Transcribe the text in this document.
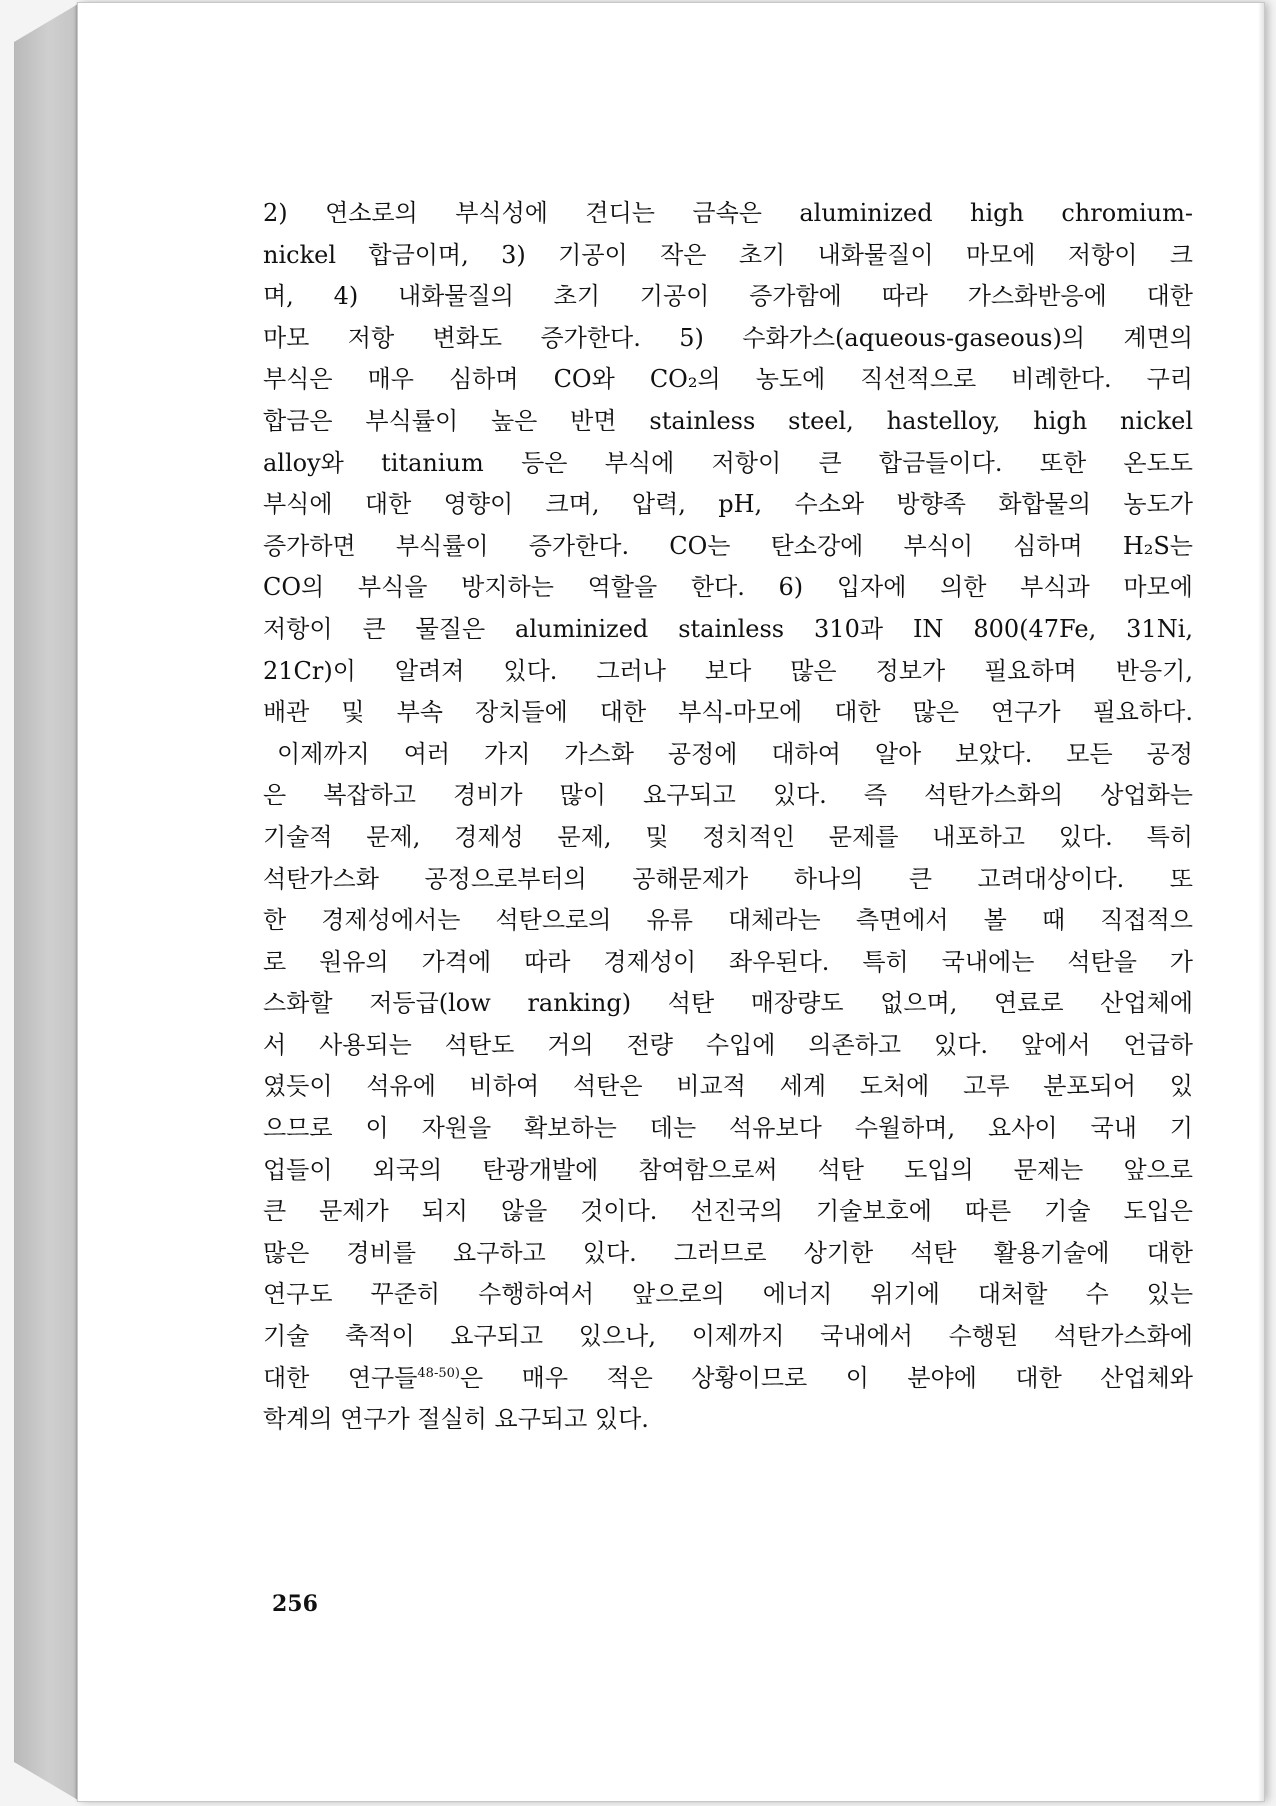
2) 연소로의 부식성에 견디는 금속은 aluminized high chromium-
nickel 합금이며, 3) 기공이 작은 초기 내화물질이 마모에 저항이 크
며, 4) 내화물질의 초기 기공이 증가함에 따라 가스화반응에 대한
마모 저항 변화도 증가한다. 5) 수화가스(aqueous-gaseous)의 계면의
부식은 매우 심하며 CO와 CO₂의 농도에 직선적으로 비례한다. 구리
합금은 부식률이 높은 반면 stainless steel, hastelloy, high nickel
alloy와 titanium 등은 부식에 저항이 큰 합금들이다. 또한 온도도
부식에 대한 영향이 크며, 압력, pH, 수소와 방향족 화합물의 농도가
증가하면 부식률이 증가한다. CO는 탄소강에 부식이 심하며 H₂S는
CO의 부식을 방지하는 역할을 한다. 6) 입자에 의한 부식과 마모에
저항이 큰 물질은 aluminized stainless 310과 IN 800(47Fe, 31Ni,
21Cr)이 알려져 있다. 그러나 보다 많은 정보가 필요하며 반응기,
배관 및 부속 장치들에 대한 부식-마모에 대한 많은 연구가 필요하다.
이제까지 여러 가지 가스화 공정에 대하여 알아 보았다. 모든 공정
은 복잡하고 경비가 많이 요구되고 있다. 즉 석탄가스화의 상업화는
기술적 문제, 경제성 문제, 및 정치적인 문제를 내포하고 있다. 특히
석탄가스화 공정으로부터의 공해문제가 하나의 큰 고려대상이다. 또
한 경제성에서는 석탄으로의 유류 대체라는 측면에서 볼 때 직접적으
로 원유의 가격에 따라 경제성이 좌우된다. 특히 국내에는 석탄을 가
스화할 저등급(low ranking) 석탄 매장량도 없으며, 연료로 산업체에
서 사용되는 석탄도 거의 전량 수입에 의존하고 있다. 앞에서 언급하
였듯이 석유에 비하여 석탄은 비교적 세계 도처에 고루 분포되어 있
으므로 이 자원을 확보하는 데는 석유보다 수월하며, 요사이 국내 기
업들이 외국의 탄광개발에 참여함으로써 석탄 도입의 문제는 앞으로
큰 문제가 되지 않을 것이다. 선진국의 기술보호에 따른 기술 도입은
많은 경비를 요구하고 있다. 그러므로 상기한 석탄 활용기술에 대한
연구도 꾸준히 수행하여서 앞으로의 에너지 위기에 대처할 수 있는
기술 축적이 요구되고 있으나, 이제까지 국내에서 수행된 석탄가스화에
대한 연구들$^{48-50)}$은 매우 적은 상황이므로 이 분야에 대한 산업체와
학계의 연구가 절실히 요구되고 있다.
256
